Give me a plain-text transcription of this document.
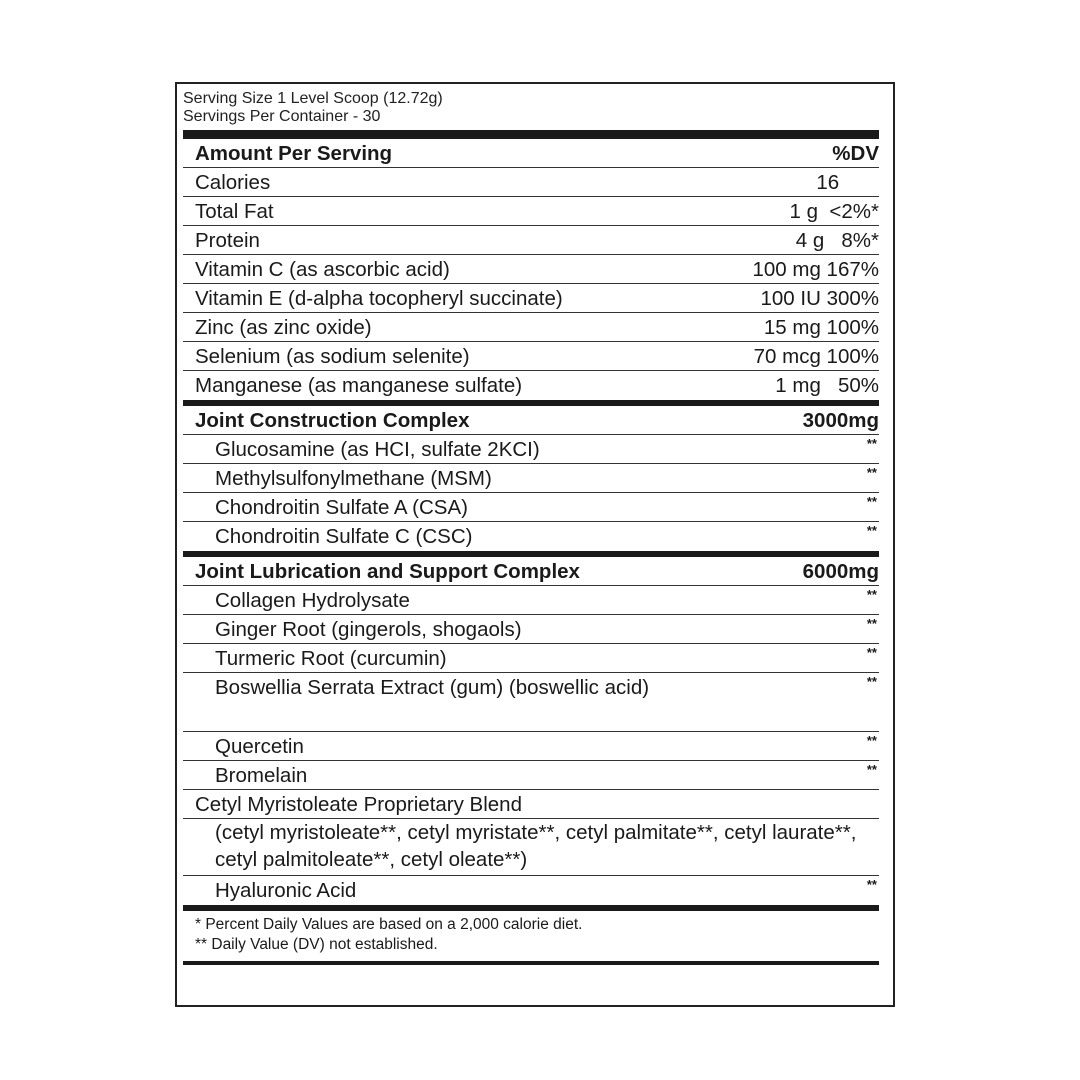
Serving Size 1 Level Scoop (12.72g)
Servings Per Container - 30
Amount Per Serving	%DV
Calories	16
Total Fat	1 g  <2%*
Protein	4 g   8%*
Vitamin C (as ascorbic acid)	100 mg 167%
Vitamin E (d-alpha tocopheryl succinate)	100 IU 300%
Zinc (as zinc oxide)	15 mg 100%
Selenium (as sodium selenite)	70 mcg 100%
Manganese (as manganese sulfate)	1 mg   50%
Joint Construction Complex	3000mg
Glucosamine (as HCI, sulfate 2KCI)	**
Methylsulfonylmethane (MSM)	**
Chondroitin Sulfate A (CSA)	**
Chondroitin Sulfate C (CSC)	**
Joint Lubrication and Support Complex	6000mg
Collagen Hydrolysate	**
Ginger Root (gingerols, shogaols)	**
Turmeric Root (curcumin)	**
Boswellia Serrata Extract (gum) (boswellic acid)	**
Quercetin	**
Bromelain	**
Cetyl Myristoleate Proprietary Blend
(cetyl myristoleate**, cetyl myristate**, cetyl palmitate**, cetyl laurate**, cetyl palmitoleate**, cetyl oleate**)
Hyaluronic Acid	**
* Percent Daily Values are based on a 2,000 calorie diet.
** Daily Value (DV) not established.
